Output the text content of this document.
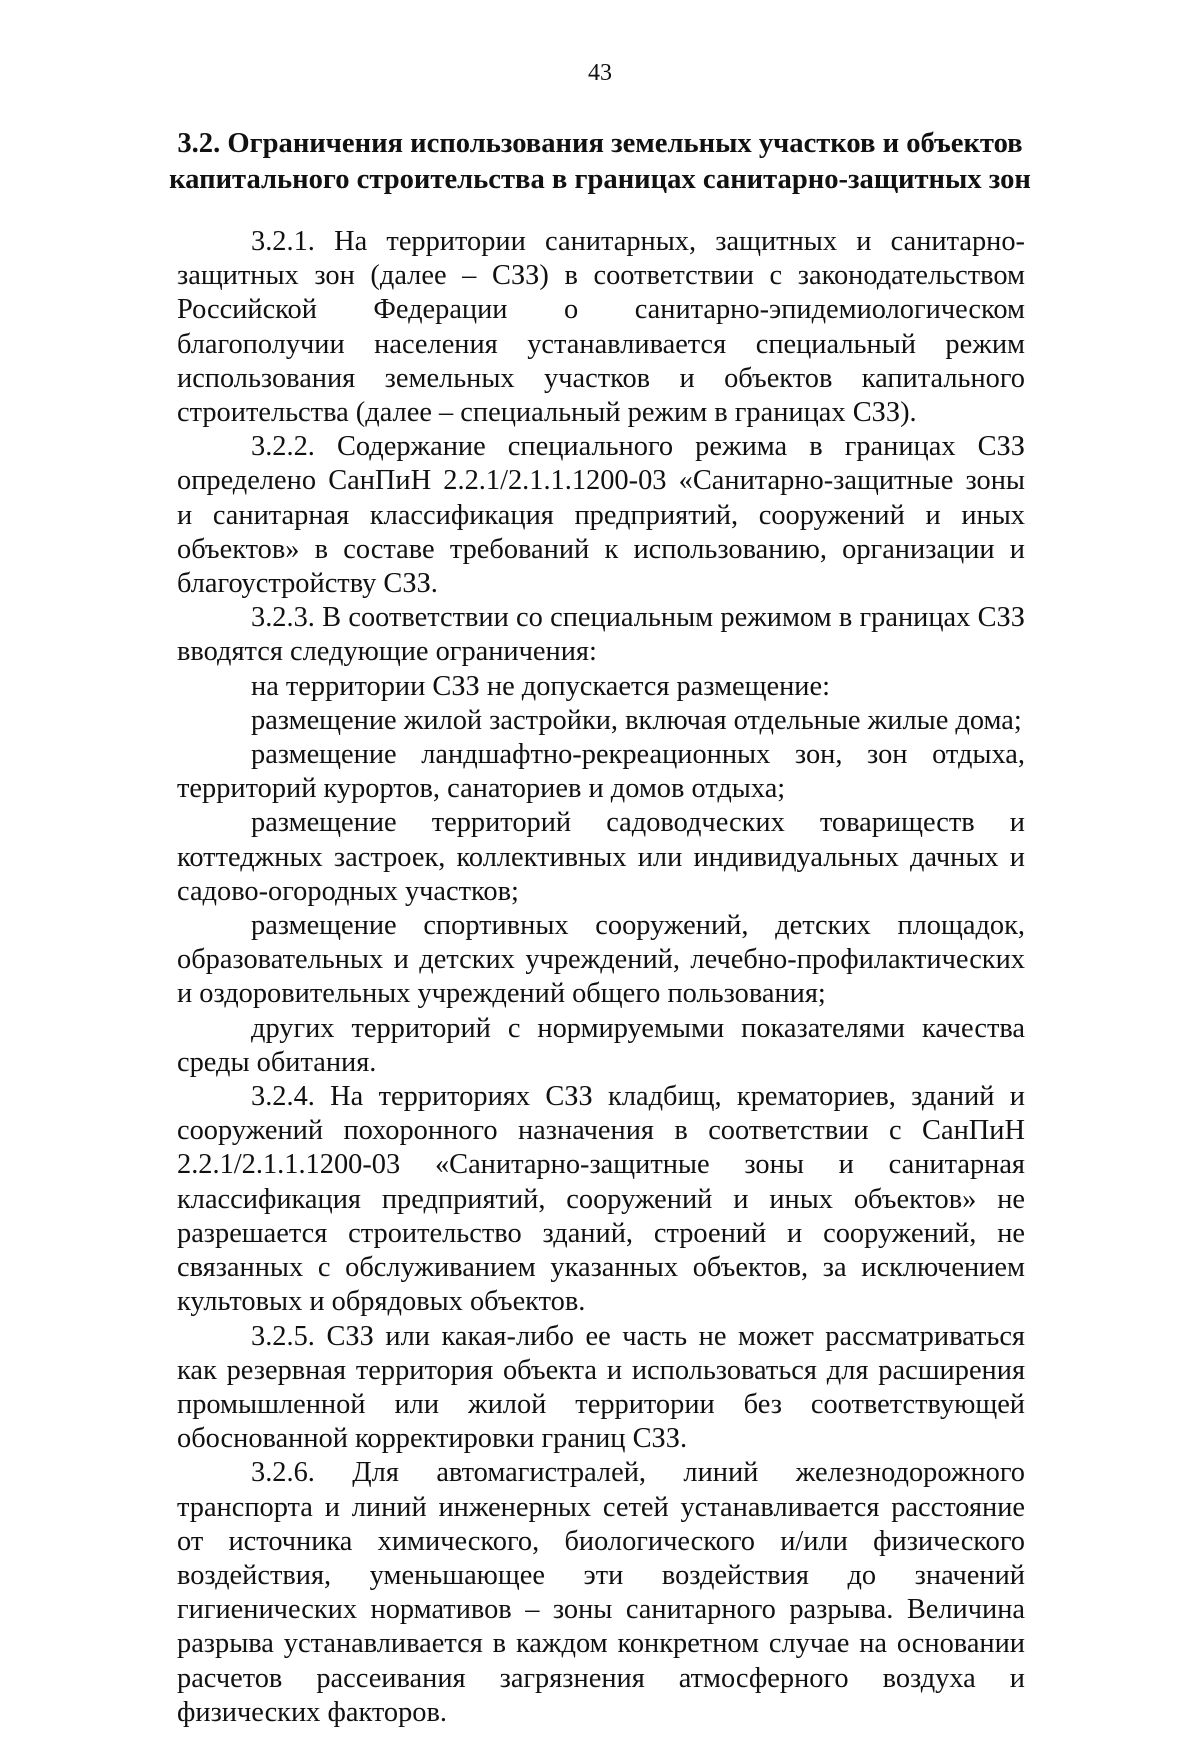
43
3.2. Ограничения использования земельных участков и объектов
капитального строительства в границах санитарно-защитных зон

3.2.1. На территории санитарных, защитных и санитарно-защитных зон (далее – СЗЗ) в соответствии с законодательством Российской Федерации о санитарно-эпидемиологическом благополучии населения устанавливается специальный режим использования земельных участков и объектов капитального строительства (далее – специальный режим в границах СЗЗ).

3.2.2. Содержание специального режима в границах СЗЗ определено СанПиН 2.2.1/2.1.1.1200-03 «Санитарно-защитные зоны и санитарная классификация предприятий, сооружений и иных объектов» в составе требований к использованию, организации и благоустройству СЗЗ.

3.2.3. В соответствии со специальным режимом в границах СЗЗ вводятся следующие ограничения:

на территории СЗЗ не допускается размещение:

размещение жилой застройки, включая отдельные жилые дома;

размещение ландшафтно-рекреационных зон, зон отдыха, территорий курортов, санаториев и домов отдыха;

размещение территорий садоводческих товариществ и коттеджных застроек, коллективных или индивидуальных дачных и садово-огородных участков;

размещение спортивных сооружений, детских площадок, образовательных и детских учреждений, лечебно-профилактических и оздоровительных учреждений общего пользования;

других территорий с нормируемыми показателями качества среды обитания.

3.2.4. На территориях СЗЗ кладбищ, крематориев, зданий и сооружений похоронного назначения в соответствии с СанПиН 2.2.1/2.1.1.1200-03 «Санитарно-защитные зоны и санитарная классификация предприятий, сооружений и иных объектов» не разрешается строительство зданий, строений и сооружений, не связанных с обслуживанием указанных объектов, за исключением культовых и обрядовых объектов.

3.2.5. СЗЗ или какая-либо ее часть не может рассматриваться как резервная территория объекта и использоваться для расширения промышленной или жилой территории без соответствующей обоснованной корректировки границ СЗЗ.

3.2.6. Для автомагистралей, линий железнодорожного транспорта и линий инженерных сетей устанавливается расстояние от источника химического, биологического и/или физического воздействия, уменьшающее эти воздействия до значений гигиенических нормативов – зоны санитарного разрыва. Величина разрыва устанавливается в каждом конкретном случае на основании расчетов рассеивания загрязнения атмосферного воздуха и физических факторов.
